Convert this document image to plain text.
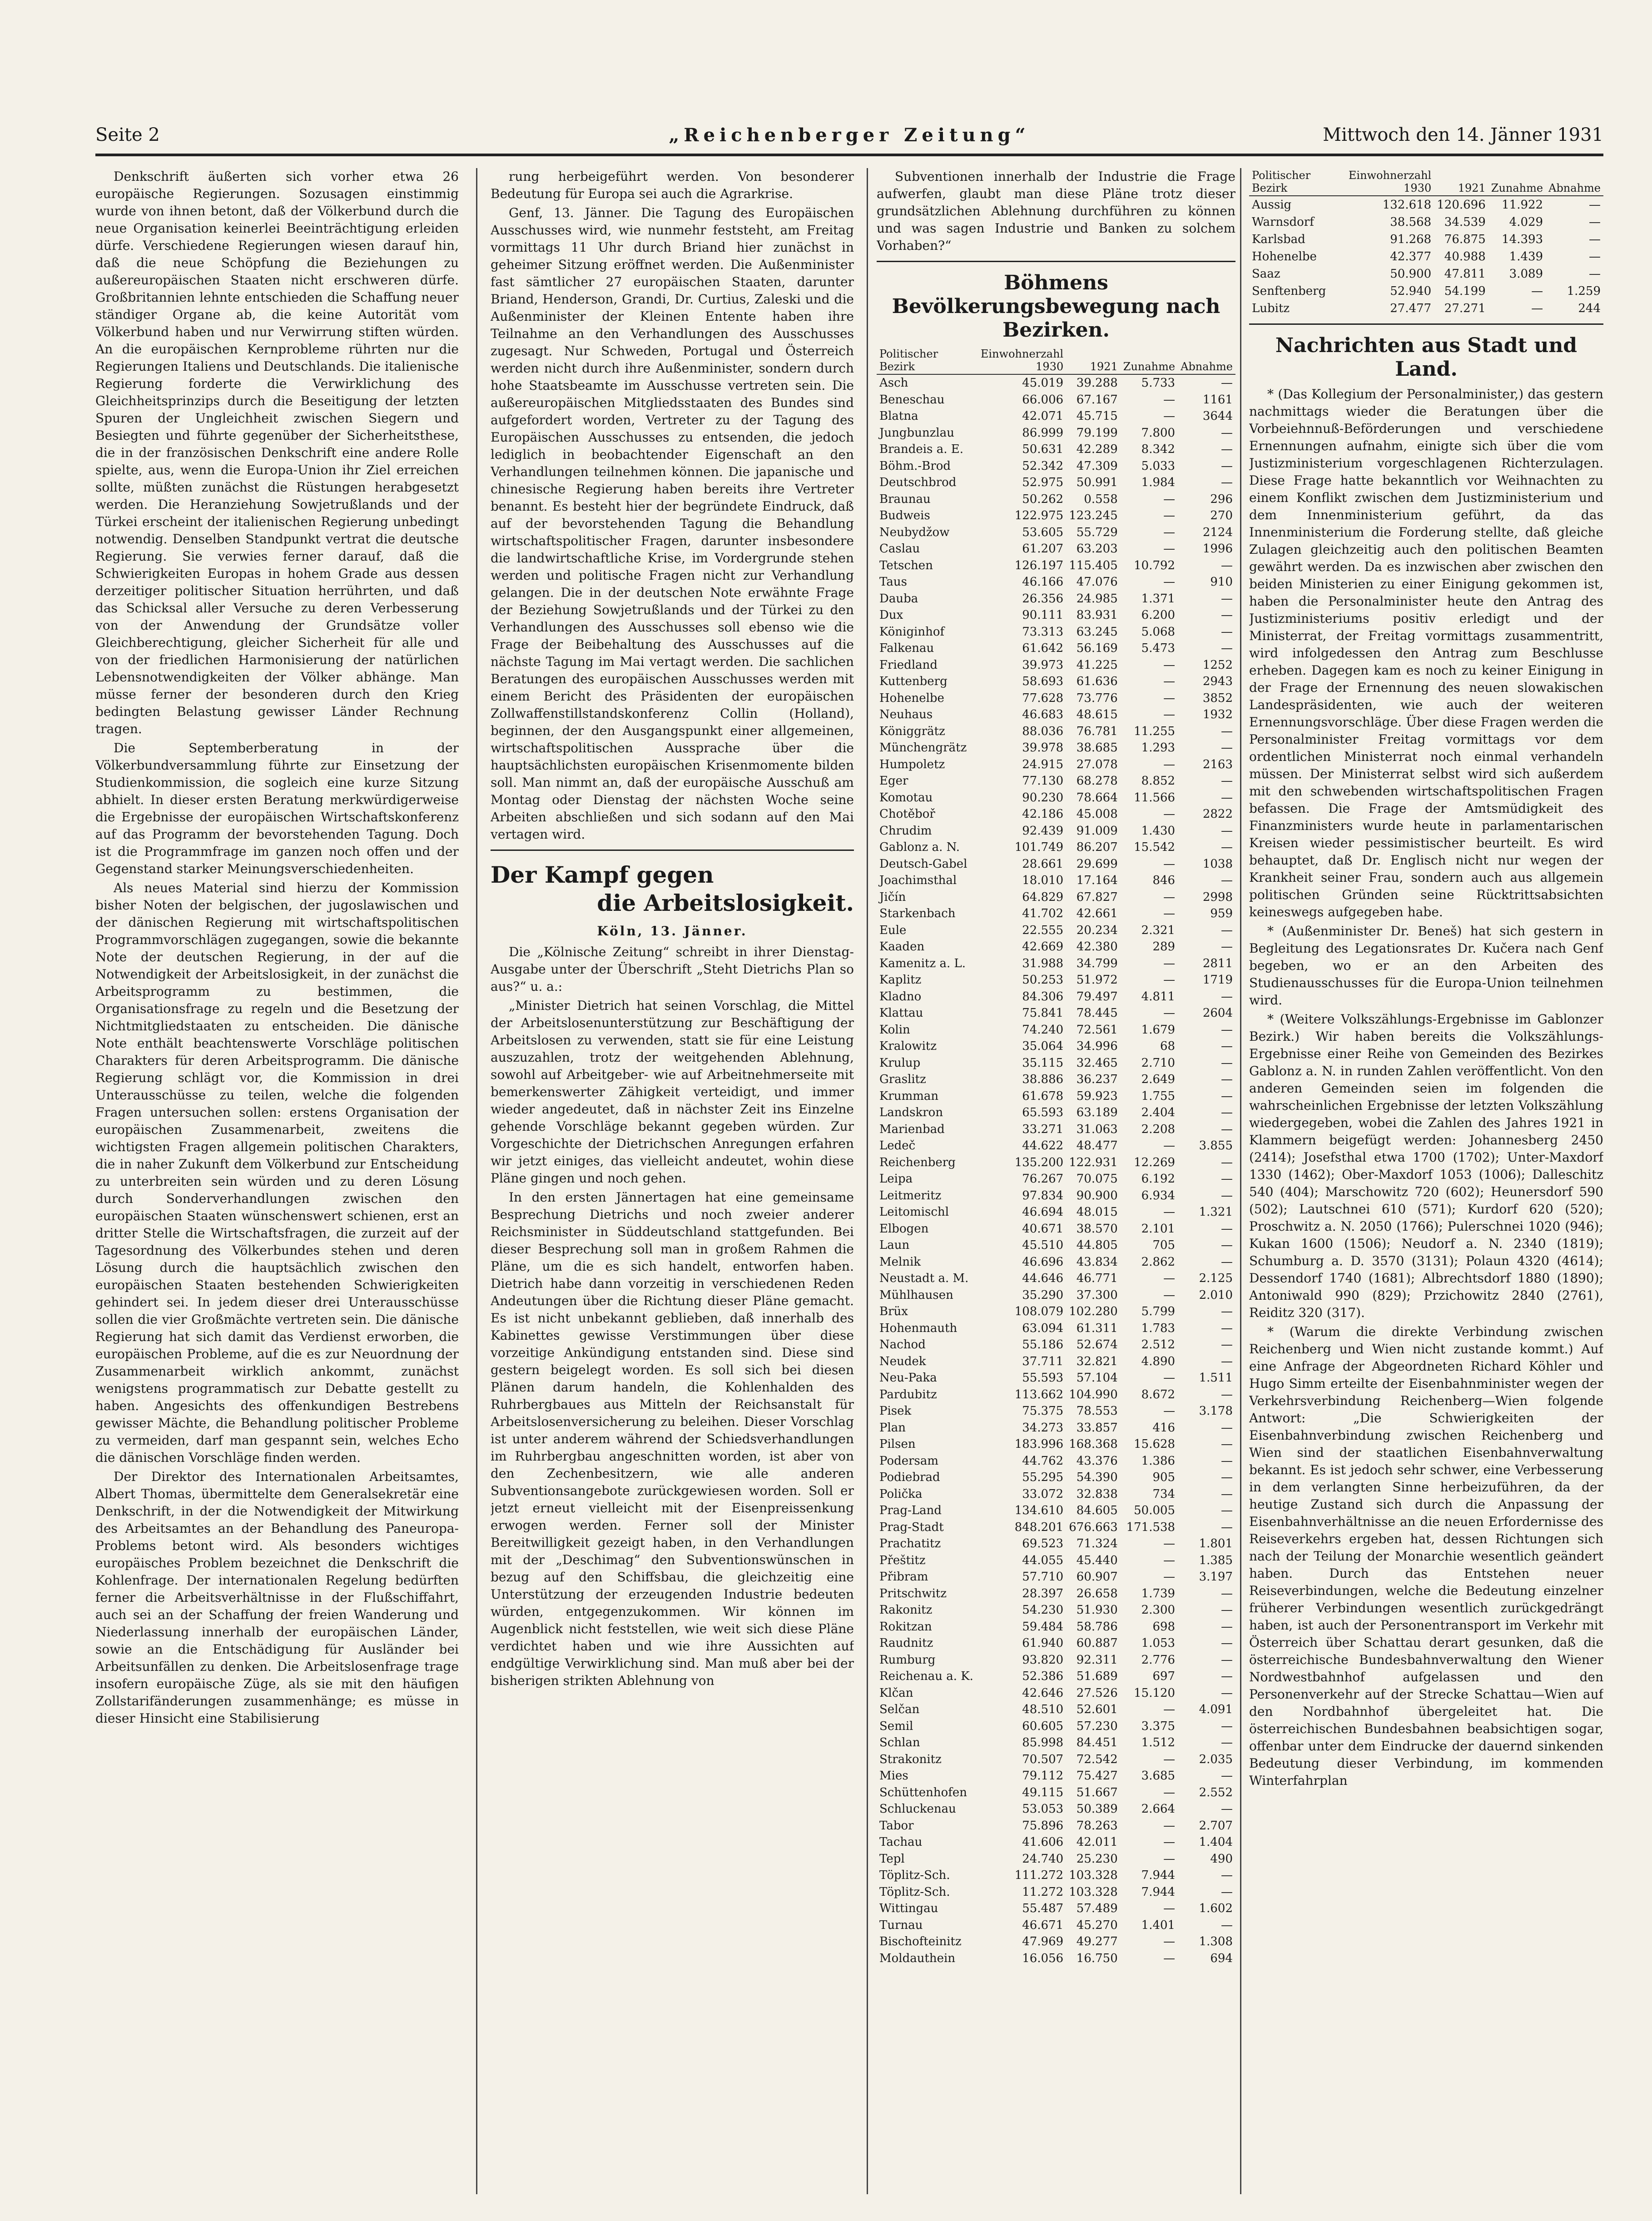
Seite 2	„Reichenberger Zeitung“	Mittwoch den 14. Jänner 1931

Denkschrift äußerten sich vorher etwa 26 europäische Regierungen. Sozusagen einstimmig wurde von ihnen betont, daß der Völkerbund durch die neue Organisation keinerlei Beeinträchtigung erleiden dürfe. Verschiedene Regierungen wiesen darauf hin, daß die neue Schöpfung die Beziehungen zu außereuropäischen Staaten nicht erschweren dürfe. Großbritannien lehnte entschieden die Schaffung neuer ständiger Organe ab, die keine Autorität vom Völkerbund haben und nur Verwirrung stiften würden. An die europäischen Kernprobleme rührten nur die Regierungen Italiens und Deutschlands. Die italienische Regierung forderte die Verwirklichung des Gleichheitsprinzips durch die Beseitigung der letzten Spuren der Ungleichheit zwischen Siegern und Besiegten und führte gegenüber der Sicherheitsthese, die in der französischen Denkschrift eine andere Rolle spielte, aus, wenn die Europa-Union ihr Ziel erreichen sollte, müßten zunächst die Rüstungen herabgesetzt werden. Die Heranziehung Sowjetrußlands und der Türkei erscheint der italienischen Regierung unbedingt notwendig. Denselben Standpunkt vertrat die deutsche Regierung. Sie verwies ferner darauf, daß die Schwierigkeiten Europas in hohem Grade aus dessen derzeitiger politischer Situation herrührten, und daß das Schicksal aller Versuche zu deren Verbesserung von der Anwendung der Grundsätze voller Gleichberechtigung, gleicher Sicherheit für alle und von der friedlichen Harmonisierung der natürlichen Lebensnotwendigkeiten der Völker abhänge. Man müsse ferner der besonderen durch den Krieg bedingten Belastung gewisser Länder Rechnung tragen.

Die Septemberberatung in der Völkerbundversammlung führte zur Einsetzung der Studienkommission, die sogleich eine kurze Sitzung abhielt. In dieser ersten Beratung merkwürdigerweise die Ergebnisse der europäischen Wirtschaftskonferenz auf das Programm der bevorstehenden Tagung. Doch ist die Programmfrage im ganzen noch offen und der Gegenstand starker Meinungsverschiedenheiten.

Als neues Material sind hierzu der Kommission bisher Noten der belgischen, der jugoslawischen und der dänischen Regierung mit wirtschaftspolitischen Programmvorschlägen zugegangen, sowie die bekannte Note der deutschen Regierung, in der auf die Notwendigkeit der Arbeitslosigkeit, in der zunächst die Arbeitsprogramm zu bestimmen, die Organisationsfrage zu regeln und die Besetzung der Nichtmitgliedstaaten zu entscheiden. Die dänische Note enthält beachtenswerte Vorschläge politischen Charakters für deren Arbeitsprogramm. Die dänische Regierung schlägt vor, die Kommission in drei Unterausschüsse zu teilen, welche die folgenden Fragen untersuchen sollen: erstens Organisation der europäischen Zusammenarbeit, zweitens die wichtigsten Fragen allgemein politischen Charakters, die in naher Zukunft dem Völkerbund zur Entscheidung zu unterbreiten sein würden und zu deren Lösung durch Sonderverhandlungen zwischen den europäischen Staaten wünschenswert schienen, erst an dritter Stelle die Wirtschaftsfragen, die zurzeit auf der Tagesordnung des Völkerbundes stehen und deren Lösung durch die hauptsächlich zwischen den europäischen Staaten bestehenden Schwierigkeiten gehindert sei. In jedem dieser drei Unterausschüsse sollen die vier Großmächte vertreten sein. Die dänische Regierung hat sich damit das Verdienst erworben, die europäischen Probleme, auf die es zur Neuordnung der Zusammenarbeit wirklich ankommt, zunächst wenigstens programmatisch zur Debatte gestellt zu haben. Angesichts des offenkundigen Bestrebens gewisser Mächte, die Behandlung politischer Probleme zu vermeiden, darf man gespannt sein, welches Echo die dänischen Vorschläge finden werden.

Der Direktor des Internationalen Arbeitsamtes, Albert Thomas, übermittelte dem Generalsekretär eine Denkschrift, in der die Notwendigkeit der Mitwirkung des Arbeitsamtes an der Behandlung des Paneuropa-Problems betont wird. Als besonders wichtiges europäisches Problem bezeichnet die Denkschrift die Kohlenfrage. Der internationalen Regelung bedürften ferner die Arbeitsverhältnisse in der Flußschiffahrt, auch sei an der Schaffung der freien Wanderung und Niederlassung innerhalb der europäischen Länder, sowie an die Entschädigung für Ausländer bei Arbeitsunfällen zu denken. Die Arbeitslosenfrage trage insofern europäische Züge, als sie mit den häufigen Zollstarifänderungen zusammenhänge; es müsse in dieser Hinsicht eine Stabilisierung

rung herbeigeführt werden. Von besonderer Bedeutung für Europa sei auch die Agrarkrise.

Genf, 13. Jänner. Die Tagung des Europäischen Ausschusses wird, wie nunmehr feststeht, am Freitag vormittags 11 Uhr durch Briand hier zunächst in geheimer Sitzung eröffnet werden. Die Außenminister fast sämtlicher 27 europäischen Staaten, darunter Briand, Henderson, Grandi, Dr. Curtius, Zaleski und die Außenminister der Kleinen Entente haben ihre Teilnahme an den Verhandlungen des Ausschusses zugesagt. Nur Schweden, Portugal und Österreich werden nicht durch ihre Außenminister, sondern durch hohe Staatsbeamte im Ausschusse vertreten sein. Die außereuropäischen Mitgliedsstaaten des Bundes sind aufgefordert worden, Vertreter zu der Tagung des Europäischen Ausschusses zu entsenden, die jedoch lediglich in beobachtender Eigenschaft an den Verhandlungen teilnehmen können. Die japanische und chinesische Regierung haben bereits ihre Vertreter benannt. Es besteht hier der begründete Eindruck, daß auf der bevorstehenden Tagung die Behandlung wirtschaftspolitischer Fragen, darunter insbesondere die landwirtschaftliche Krise, im Vordergrunde stehen werden und politische Fragen nicht zur Verhandlung gelangen. Die in der deutschen Note erwähnte Frage der Beziehung Sowjetrußlands und der Türkei zu den Verhandlungen des Ausschusses soll ebenso wie die Frage der Beibehaltung des Ausschusses auf die nächste Tagung im Mai vertagt werden. Die sachlichen Beratungen des europäischen Ausschusses werden mit einem Bericht des Präsidenten der europäischen Zollwaffenstillstandskonferenz Collin (Holland), beginnen, der den Ausgangspunkt einer allgemeinen, wirtschaftspolitischen Aussprache über die hauptsächlichsten europäischen Krisenmomente bilden soll. Man nimmt an, daß der europäische Ausschuß am Montag oder Dienstag der nächsten Woche seine Arbeiten abschließen und sich sodann auf den Mai vertagen wird.

Der Kampf gegen
die Arbeitslosigkeit.
Köln, 13. Jänner.

Die „Kölnische Zeitung“ schreibt in ihrer Dienstag-Ausgabe unter der Überschrift „Steht Dietrichs Plan so aus?“ u. a.:

„Minister Dietrich hat seinen Vorschlag, die Mittel der Arbeitslosenunterstützung zur Beschäftigung der Arbeitslosen zu verwenden, statt sie für eine Leistung auszuzahlen, trotz der weitgehenden Ablehnung, sowohl auf Arbeitgeber- wie auf Arbeitnehmerseite mit bemerkenswerter Zähigkeit verteidigt, und immer wieder angedeutet, daß in nächster Zeit ins Einzelne gehende Vorschläge bekannt gegeben würden. Zur Vorgeschichte der Dietrichschen Anregungen erfahren wir jetzt einiges, das vielleicht andeutet, wohin diese Pläne gingen und noch gehen.

In den ersten Jännertagen hat eine gemeinsame Besprechung Dietrichs und noch zweier anderer Reichsminister in Süddeutschland stattgefunden. Bei dieser Besprechung soll man in großem Rahmen die Pläne, um die es sich handelt, entworfen haben. Dietrich habe dann vorzeitig in verschiedenen Reden Andeutungen über die Richtung dieser Pläne gemacht. Es ist nicht unbekannt geblieben, daß innerhalb des Kabinettes gewisse Verstimmungen über diese vorzeitige Ankündigung entstanden sind. Diese sind gestern beigelegt worden. Es soll sich bei diesen Plänen darum handeln, die Kohlenhalden des Ruhrbergbaues aus Mitteln der Reichsanstalt für Arbeitslosenversicherung zu beleihen. Dieser Vorschlag ist unter anderem während der Schiedsverhandlungen im Ruhrbergbau angeschnitten worden, ist aber von den Zechenbesitzern, wie alle anderen Subventionsangebote zurückgewiesen worden. Soll er jetzt erneut vielleicht mit der Eisenpreissenkung erwogen werden. Ferner soll der Minister Bereitwilligkeit gezeigt haben, in den Verhandlungen mit der „Deschimag“ den Subventionswünschen in bezug auf den Schiffsbau, die gleichzeitig eine Unterstützung der erzeugenden Industrie bedeuten würden, entgegenzukommen. Wir können im Augenblick nicht feststellen, wie weit sich diese Pläne verdichtet haben und wie ihre Aussichten auf endgültige Verwirklichung sind. Man muß aber bei der bisherigen strikten Ablehnung von

Subventionen innerhalb der Industrie die Frage aufwerfen, glaubt man diese Pläne trotz dieser grundsätzlichen Ablehnung durchführen zu können und was sagen Industrie und Banken zu solchem Vorhaben?“

Böhmens Bevölkerungsbewegung nach Bezirken.
Politischer Bezirk	Einwohnerzahl 1930	1921	Zunahme	Abnahme
Asch	45.019	39.288	5.733	—
Beneschau	66.006	67.167	—	1161
Blatna	42.071	45.715	—	3644
Jungbunzlau	86.999	79.199	7.800	—
Brandeis a. E.	50.631	42.289	8.342	—
Böhm.-Brod	52.342	47.309	5.033	—
Deutschbrod	52.975	50.991	1.984	—
Braunau	50.262	0.558	—	296
Budweis	122.975	123.245	—	270
Neubydžow	53.605	55.729	—	2124
Caslau	61.207	63.203	—	1996
Tetschen	126.197	115.405	10.792	—
Taus	46.166	47.076	—	910
Dauba	26.356	24.985	1.371	—
Dux	90.111	83.931	6.200	—
Königinhof	73.313	63.245	5.068	—
Falkenau	61.642	56.169	5.473	—
Friedland	39.973	41.225	—	1252
Kuttenberg	58.693	61.636	—	2943
Hohenelbe	77.628	73.776	—	3852
Neuhaus	46.683	48.615	—	1932
Königgrätz	88.036	76.781	11.255	—
Münchengrätz	39.978	38.685	1.293	—
Humpoletz	24.915	27.078	—	2163
Eger	77.130	68.278	8.852	—
Komotau	90.230	78.664	11.566	—
Chotěboř	42.186	45.008	—	2822
Chrudim	92.439	91.009	1.430	—
Gablonz a. N.	101.749	86.207	15.542	—
Deutsch-Gabel	28.661	29.699	—	1038
Joachimsthal	18.010	17.164	846	—
Jičín	64.829	67.827	—	2998
Starkenbach	41.702	42.661	—	959
Eule	22.555	20.234	2.321	—
Kaaden	42.669	42.380	289	—
Kamenitz a. L.	31.988	34.799	—	2811
Kaplitz	50.253	51.972	—	1719
Kladno	84.306	79.497	4.811	—
Klattau	75.841	78.445	—	2604
Kolin	74.240	72.561	1.679	—
Kralowitz	35.064	34.996	68	—
Krulup	35.115	32.465	2.710	—
Graslitz	38.886	36.237	2.649	—
Krumman	61.678	59.923	1.755	—
Landskron	65.593	63.189	2.404	—
Marienbad	33.271	31.063	2.208	—
Ledeč	44.622	48.477	—	3.855
Reichenberg	135.200	122.931	12.269	—
Leipa	76.267	70.075	6.192	—
Leitmeritz	97.834	90.900	6.934	—
Leitomischl	46.694	48.015	—	1.321
Elbogen	40.671	38.570	2.101	—
Laun	45.510	44.805	705	—
Melnik	46.696	43.834	2.862	—
Neustadt a. M.	44.646	46.771	—	2.125
Mühlhausen	35.290	37.300	—	2.010
Brüx	108.079	102.280	5.799	—
Hohenmauth	63.094	61.311	1.783	—
Nachod	55.186	52.674	2.512	—
Neudek	37.711	32.821	4.890	—
Neu-Paka	55.593	57.104	—	1.511
Pardubitz	113.662	104.990	8.672	—
Pisek	75.375	78.553	—	3.178
Plan	34.273	33.857	416	—
Pilsen	183.996	168.368	15.628	—
Podersam	44.762	43.376	1.386	—
Podiebrad	55.295	54.390	905	—
Polička	33.072	32.838	734	—
Prag-Land	134.610	84.605	50.005	—
Prag-Stadt	848.201	676.663	171.538	—
Prachatitz	69.523	71.324	—	1.801
Přeštitz	44.055	45.440	—	1.385
Přibram	57.710	60.907	—	3.197
Pritschwitz	28.397	26.658	1.739	—
Rakonitz	54.230	51.930	2.300	—
Rokitzan	59.484	58.786	698	—
Raudnitz	61.940	60.887	1.053	—
Rumburg	93.820	92.311	2.776	—
Reichenau a. K.	52.386	51.689	697	—
Klčan	42.646	27.526	15.120	—
Selčan	48.510	52.601	—	4.091
Semil	60.605	57.230	3.375	—
Schlan	85.998	84.451	1.512	—
Strakonitz	70.507	72.542	—	2.035
Mies	79.112	75.427	3.685	—
Schüttenhofen	49.115	51.667	—	2.552
Schluckenau	53.053	50.389	2.664	—
Tabor	75.896	78.263	—	2.707
Tachau	41.606	42.011	—	1.404
Tepl	24.740	25.230	—	490
Töplitz-Sch.	111.272	103.328	7.944	—
Töplitz-Sch.	11.272	103.328	7.944	—
Wittingau	55.487	57.489	—	1.602
Turnau	46.671	45.270	1.401	—
Bischofteinitz	47.969	49.277	—	1.308
Moldauthein	16.056	16.750	—	694
Politischer Bezirk	Einwohnerzahl 1930	1921	Zunahme	Abnahme
Aussig	132.618	120.696	11.922	—
Warnsdorf	38.568	34.539	4.029	—
Karlsbad	91.268	76.875	14.393	—
Hohenelbe	42.377	40.988	1.439	—
Saaz	50.900	47.811	3.089	—
Senftenberg	52.940	54.199	—	1.259
Lubitz	27.477	27.271	—	244
Nachrichten aus Stadt und Land.

* (Das Kollegium der Personalminister,) das gestern nachmittags wieder die Beratungen über die Vorbeiehnnuß-Beförderungen und verschiedene Ernennungen aufnahm, einigte sich über die vom Justizministerium vorgeschlagenen Richterzulagen. Diese Frage hatte bekanntlich vor Weihnachten zu einem Konflikt zwischen dem Justizministerium und dem Innenministerium geführt, da das Innenministerium die Forderung stellte, daß gleiche Zulagen gleichzeitig auch den politischen Beamten gewährt werden. Da es inzwischen aber zwischen den beiden Ministerien zu einer Einigung gekommen ist, haben die Personalminister heute den Antrag des Justizministeriums positiv erledigt und der Ministerrat, der Freitag vormittags zusammentritt, wird infolgedessen den Antrag zum Beschlusse erheben. Dagegen kam es noch zu keiner Einigung in der Frage der Ernennung des neuen slowakischen Landespräsidenten, wie auch der weiteren Ernennungsvorschläge. Über diese Fragen werden die Personalminister Freitag vormittags vor dem ordentlichen Ministerrat noch einmal verhandeln müssen. Der Ministerrat selbst wird sich außerdem mit den schwebenden wirtschaftspolitischen Fragen befassen. Die Frage der Amtsmüdigkeit des Finanzministers wurde heute in parlamentarischen Kreisen wieder pessimistischer beurteilt. Es wird behauptet, daß Dr. Englisch nicht nur wegen der Krankheit seiner Frau, sondern auch aus allgemein politischen Gründen seine Rücktrittsabsichten keineswegs aufgegeben habe.

* (Außenminister Dr. Beneš) hat sich gestern in Begleitung des Legationsrates Dr. Kučera nach Genf begeben, wo er an den Arbeiten des Studienausschusses für die Europa-Union teilnehmen wird.

* (Weitere Volkszählungs-Ergebnisse im Gablonzer Bezirk.) Wir haben bereits die Volkszählungs-Ergebnisse einer Reihe von Gemeinden des Bezirkes Gablonz a. N. in runden Zahlen veröffentlicht. Von den anderen Gemeinden seien im folgenden die wahrscheinlichen Ergebnisse der letzten Volkszählung wiedergegeben, wobei die Zahlen des Jahres 1921 in Klammern beigefügt werden: Johannesberg 2450 (2414); Josefsthal etwa 1700 (1702); Unter-Maxdorf 1330 (1462); Ober-Maxdorf 1053 (1006); Dalleschitz 540 (404); Marschowitz 720 (602); Heunersdorf 590 (502); Lautschnei 610 (571); Kurdorf 620 (520); Proschwitz a. N. 2050 (1766); Pulerschnei 1020 (946); Kukan 1600 (1506); Neudorf a. N. 2340 (1819); Schumburg a. D. 3570 (3131); Polaun 4320 (4614); Dessendorf 1740 (1681); Albrechtsdorf 1880 (1890); Antoniwald 990 (829); Przichowitz 2840 (2761), Reiditz 320 (317).

* (Warum die direkte Verbindung zwischen Reichenberg und Wien nicht zustande kommt.) Auf eine Anfrage der Abgeordneten Richard Köhler und Hugo Simm erteilte der Eisenbahnminister wegen der Verkehrsverbindung Reichenberg—Wien folgende Antwort: „Die Schwierigkeiten der Eisenbahnverbindung zwischen Reichenberg und Wien sind der staatlichen Eisenbahnverwaltung bekannt. Es ist jedoch sehr schwer, eine Verbesserung in dem verlangten Sinne herbeizuführen, da der heutige Zustand sich durch die Anpassung der Eisenbahnverhältnisse an die neuen Erfordernisse des Reiseverkehrs ergeben hat, dessen Richtungen sich nach der Teilung der Monarchie wesentlich geändert haben. Durch das Entstehen neuer Reiseverbindungen, welche die Bedeutung einzelner früherer Verbindungen wesentlich zurückgedrängt haben, ist auch der Personentransport im Verkehr mit Österreich über Schattau derart gesunken, daß die österreichische Bundesbahnverwaltung den Wiener Nordwestbahnhof aufgelassen und den Personenverkehr auf der Strecke Schattau—Wien auf den Nordbahnhof übergeleitet hat. Die österreichischen Bundesbahnen beabsichtigen sogar, offenbar unter dem Eindrucke der dauernd sinkenden Bedeutung dieser Verbindung, im kommenden Winterfahrplan
